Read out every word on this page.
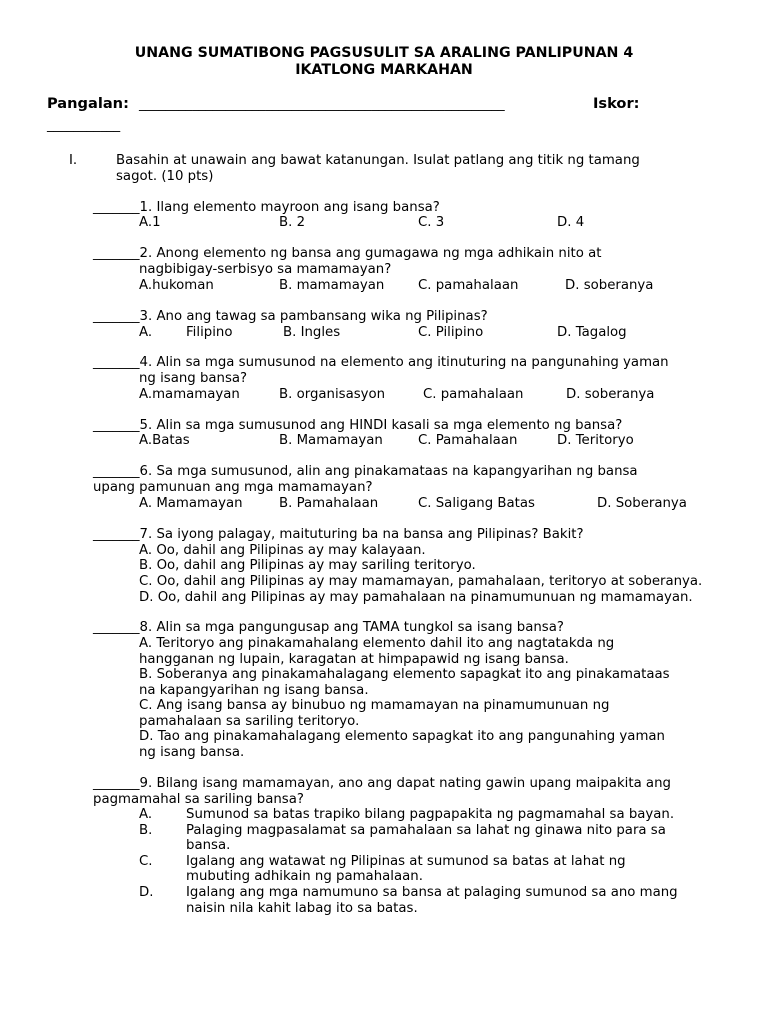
UNANG SUMATIBONG PAGSUSULIT SA ARALING PANLIPUNAN 4
IKATLONG MARKAHAN
Pangalan: _______________________________________________________	Iskor:
___________
I.	Basahin at unawain ang bawat katanungan. Isulat patlang ang titik ng tamang
sagot. (10 pts)
_______1. Ilang elemento mayroon ang isang bansa?
A.1	B. 2	C. 3	D. 4
_______2. Anong elemento ng bansa ang gumagawa ng mga adhikain nito at
nagbibigay-serbisyo sa mamamayan?
A.hukoman	B. mamamayan	C. pamahalaan	D. soberanya
_______3. Ano ang tawag sa pambansang wika ng Pilipinas?
A.	Filipino	B. Ingles	C. Pilipino	D. Tagalog
_______4. Alin sa mga sumusunod na elemento ang itinuturing na pangunahing yaman
ng isang bansa?
A.mamamayan	B. organisasyon	C. pamahalaan	D. soberanya
_______5. Alin sa mga sumusunod ang HINDI kasali sa mga elemento ng bansa?
A.Batas	B. Mamamayan	C. Pamahalaan	D. Teritoryo
_______6. Sa mga sumusunod, alin ang pinakamataas na kapangyarihan ng bansa
upang pamunuan ang mga mamamayan?
A. Mamamayan	B. Pamahalaan	C. Saligang Batas	D. Soberanya
_______7. Sa iyong palagay, maituturing ba na bansa ang Pilipinas? Bakit?
A. Oo, dahil ang Pilipinas ay may kalayaan.
B. Oo, dahil ang Pilipinas ay may sariling teritoryo.
C. Oo, dahil ang Pilipinas ay may mamamayan, pamahalaan, teritoryo at soberanya.
D. Oo, dahil ang Pilipinas ay may pamahalaan na pinamumunuan ng mamamayan.
_______8. Alin sa mga pangungusap ang TAMA tungkol sa isang bansa?
A. Teritoryo ang pinakamahalang elemento dahil ito ang nagtatakda ng
hangganan ng lupain, karagatan at himpapawid ng isang bansa.
B. Soberanya ang pinakamahalagang elemento sapagkat ito ang pinakamataas
na kapangyarihan ng isang bansa.
C. Ang isang bansa ay binubuo ng mamamayan na pinamumunuan ng
pamahalaan sa sariling teritoryo.
D. Tao ang pinakamahalagang elemento sapagkat ito ang pangunahing yaman
ng isang bansa.
_______9. Bilang isang mamamayan, ano ang dapat nating gawin upang maipakita ang
pagmamahal sa sariling bansa?
A.	Sumunod sa batas trapiko bilang pagpapakita ng pagmamahal sa bayan.
B.	Palaging magpasalamat sa pamahalaan sa lahat ng ginawa nito para sa
bansa.
C.	Igalang ang watawat ng Pilipinas at sumunod sa batas at lahat ng
mubuting adhikain ng pamahalaan.
D. Igalang ang mga namumuno sa bansa at palaging sumunod sa ano mang
naisin nila kahit labag ito sa batas.
